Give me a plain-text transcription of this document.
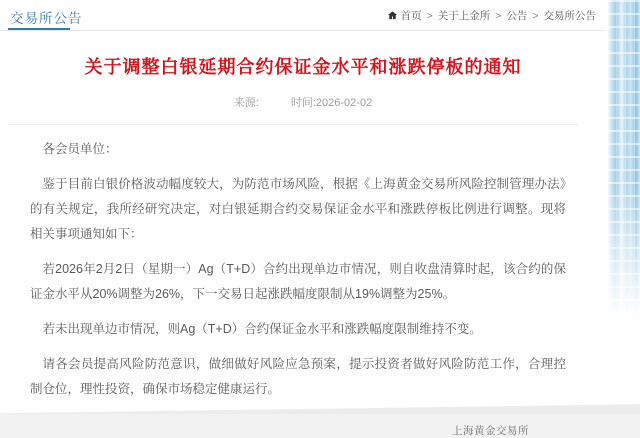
交易所公告	首页 > 关于上金所 > 公告 > 交易所公告
关于调整白银延期合约保证金水平和涨跌停板的通知
来源:	时间:2026-02-02

各会员单位：

鉴于目前白银价格波动幅度较大，为防范市场风险，根据《上海黄金交易所风险控制管理办法》的有关规定，我所经研究决定，对白银延期合约交易保证金水平和涨跌停板比例进行调整。现将相关事项通知如下：

若2026年2月2日（星期一）Ag（T+D）合约出现单边市情况，则自收盘清算时起，该合约的保证金水平从20%调整为26%，下一交易日起涨跌幅度限制从19%调整为25%。

若未出现单边市情况，则Ag（T+D）合约保证金水平和涨跌幅度限制维持不变。

请各会员提高风险防范意识，做细做好风险应急预案，提示投资者做好风险防范工作，合理控制仓位，理性投资，确保市场稳定健康运行。

上海黄金交易所
